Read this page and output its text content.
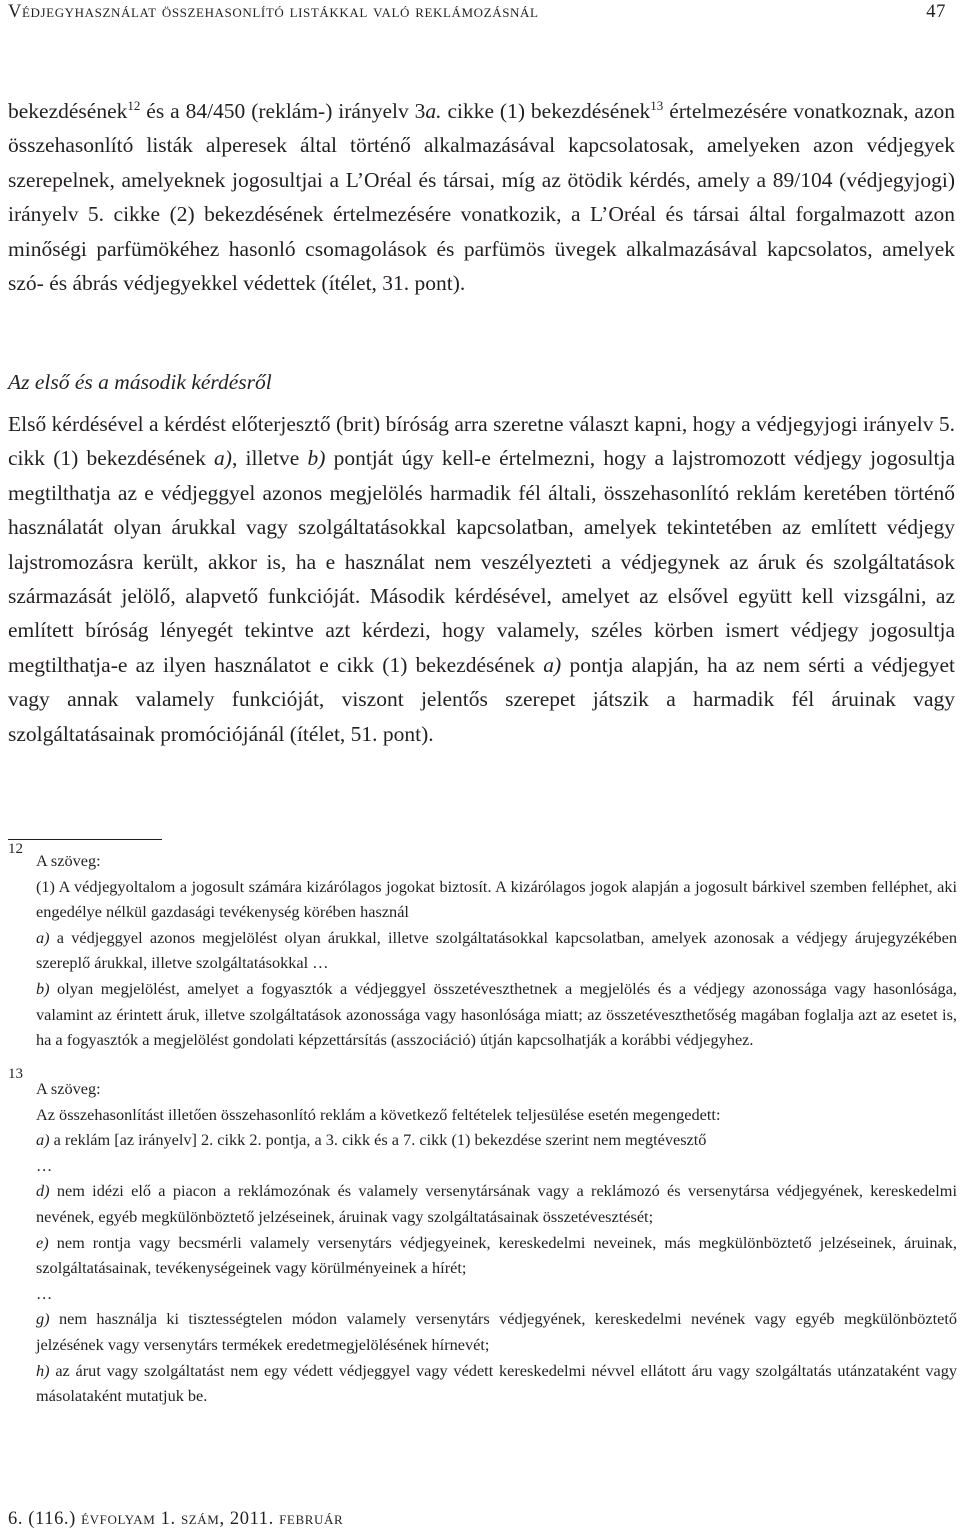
Védjegyhasználat összehasonlító listákkal való reklámozásnál	47

bekezdésének$^{12}$ és a 84/450 (reklám-) irányelv 3a. cikke (1) bekezdésének$^{13}$ értelmezésére vonatkoznak, azon összehasonlító listák alperesek által történő alkalmazásával kapcsolatosak, amelyeken azon védjegyek szerepelnek, amelyeknek jogosultjai a L’Oréal és társai, míg az ötödik kérdés, amely a 89/104 (védjegyjogi) irányelv 5. cikke (2) bekezdésének értelmezésére vonatkozik, a L’Oréal és társai által forgalmazott azon minőségi parfümökéhez hasonló csomagolások és parfümös üvegek alkalmazásával kapcsolatos, amelyek szó- és ábrás védjegyekkel védettek (ítélet, 31. pont).

Az első és a második kérdésről

Első kérdésével a kérdést előterjesztő (brit) bíróság arra szeretne választ kapni, hogy a védjegyjogi irányelv 5. cikk (1) bekezdésének a), illetve b) pontját úgy kell-e értelmezni, hogy a lajstromozott védjegy jogosultja megtilthatja az e védjeggyel azonos megjelölés harmadik fél általi, összehasonlító reklám keretében történő használatát olyan árukkal vagy szolgáltatásokkal kapcsolatban, amelyek tekintetében az említett védjegy lajstromozásra került, akkor is, ha e használat nem veszélyezteti a védjegynek az áruk és szolgáltatások származását jelölő, alapvető funkcióját. Második kérdésével, amelyet az elsővel együtt kell vizsgálni, az említett bíróság lényegét tekintve azt kérdezi, hogy valamely, széles körben ismert védjegy jogosultja megtilthatja-e az ilyen használatot e cikk (1) bekezdésének a) pontja alapján, ha az nem sérti a védjegyet vagy annak valamely funkcióját, viszont jelentős szerepet játszik a harmadik fél áruinak vagy szolgáltatásainak promóciójánál (ítélet, 51. pont).

12

A szöveg:

(1) A védjegyoltalom a jogosult számára kizárólagos jogokat biztosít. A kizárólagos jogok alapján a jogosult bárkivel szemben felléphet, aki engedélye nélkül gazdasági tevékenység körében használ

a) a védjeggyel azonos megjelölést olyan árukkal, illetve szolgáltatásokkal kapcsolatban, amelyek azonosak a védjegy árujegyzékében szereplő árukkal, illetve szolgáltatásokkal …

b) olyan megjelölést, amelyet a fogyasztók a védjeggyel összetéveszthetnek a megjelölés és a védjegy azonossága vagy hasonlósága, valamint az érintett áruk, illetve szolgáltatások azonossága vagy hasonlósága miatt; az összetéveszthetőség magában foglalja azt az esetet is, ha a fogyasztók a megjelölést gondolati képzettársítás (asszociáció) útján kapcsolhatják a korábbi védjegyhez.

13

A szöveg:

Az összehasonlítást illetően összehasonlító reklám a következő feltételek teljesülése esetén megengedett:

a) a reklám [az irányelv] 2. cikk 2. pontja, a 3. cikk és a 7. cikk (1) bekezdése szerint nem megtévesztő

…

d) nem idézi elő a piacon a reklámozónak és valamely versenytársának vagy a reklámozó és versenytársa védjegyének, kereskedelmi nevének, egyéb megkülönböztető jelzéseinek, áruinak vagy szolgáltatásainak összetévesztését;

e) nem rontja vagy becsmérli valamely versenytárs védjegyeinek, kereskedelmi neveinek, más megkülönböztető jelzéseinek, áruinak, szolgáltatásainak, tevékenységeinek vagy körülményeinek a hírét;

…

g) nem használja ki tisztességtelen módon valamely versenytárs védjegyének, kereskedelmi nevének vagy egyéb megkülönböztető jelzésének vagy versenytárs termékek eredetmegjelölésének hírnevét;

h) az árut vagy szolgáltatást nem egy védett védjeggyel vagy védett kereskedelmi névvel ellátott áru vagy szolgáltatás utánzataként vagy másolataként mutatjuk be.

6. (116.) évfolyam 1. szám, 2011. február
